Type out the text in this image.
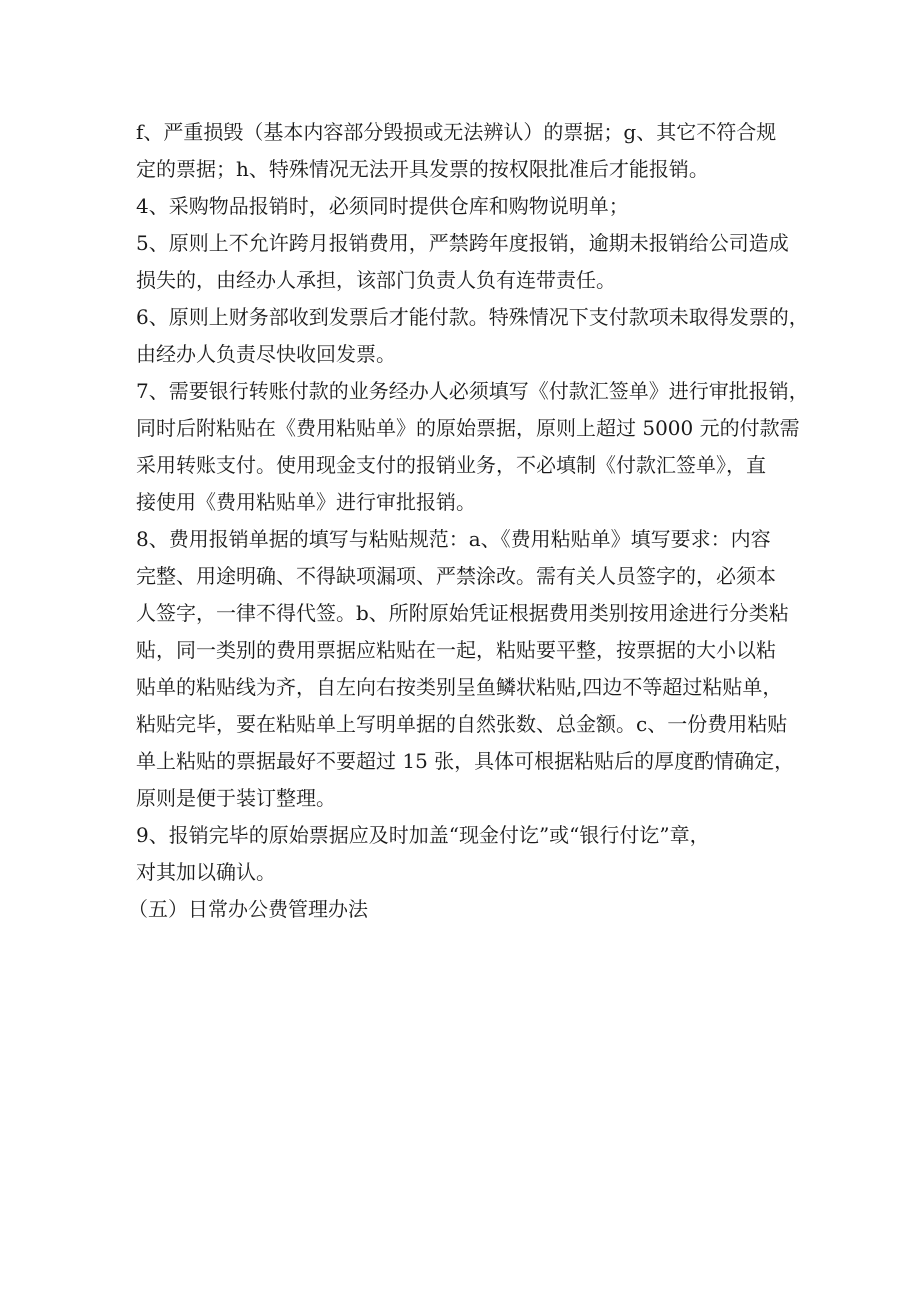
f、严重损毁（基本内容部分毁损或无法辨认）的票据；g、其它不符合规
定的票据；h、特殊情况无法开具发票的按权限批准后才能报销。
4、采购物品报销时，必须同时提供仓库和购物说明单；
5、原则上不允许跨月报销费用，严禁跨年度报销，逾期未报销给公司造成
损失的，由经办人承担，该部门负责人负有连带责任。
6、原则上财务部收到发票后才能付款。特殊情况下支付款项未取得发票的，
由经办人负责尽快收回发票。
7、需要银行转账付款的业务经办人必须填写《付款汇签单》进行审批报销，
同时后附粘贴在《费用粘贴单》的原始票据，原则上超过 5000 元的付款需
采用转账支付。使用现金支付的报销业务，不必填制《付款汇签单》，直
接使用《费用粘贴单》进行审批报销。
8、费用报销单据的填写与粘贴规范：a、《费用粘贴单》填写要求：内容
完整、用途明确、不得缺项漏项、严禁涂改。需有关人员签字的，必须本
人签字，一律不得代签。b、所附原始凭证根据费用类别按用途进行分类粘
贴，同一类别的费用票据应粘贴在一起，粘贴要平整，按票据的大小以粘
贴单的粘贴线为齐，自左向右按类别呈鱼鳞状粘贴,四边不等超过粘贴单，
粘贴完毕，要在粘贴单上写明单据的自然张数、总金额。c、一份费用粘贴
单上粘贴的票据最好不要超过 15 张，具体可根据粘贴后的厚度酌情确定，
原则是便于装订整理。
9、报销完毕的原始票据应及时加盖“现金付讫”或“银行付讫”章，
对其加以确认。
（五）日常办公费管理办法
